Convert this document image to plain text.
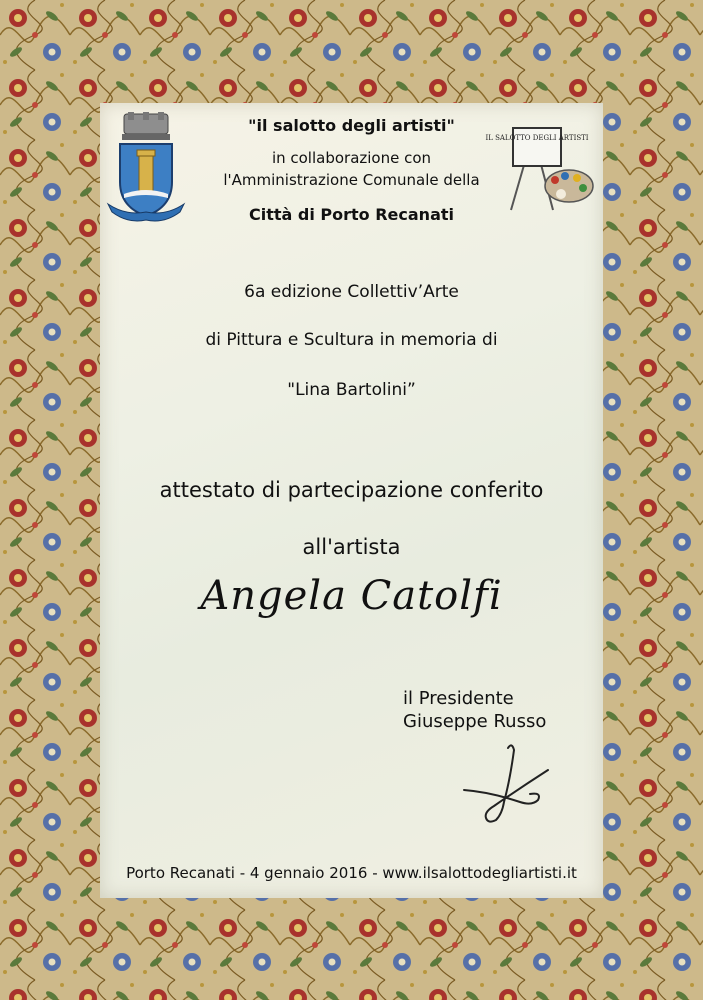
IL SALOTTO DEGLI ARTISTI
"il salotto degli artisti"
in collaborazione con
l'Amministrazione Comunale della
Città di Porto Recanati
6a edizione Collettiv’Arte
di Pittura e Scultura in memoria di
"Lina Bartolini”
attestato di partecipazione conferito
all'artista
Angela Catolfi
il Presidente
Giuseppe Russo
Porto Recanati - 4 gennaio 2016 - www.ilsalottodegliartisti.it
